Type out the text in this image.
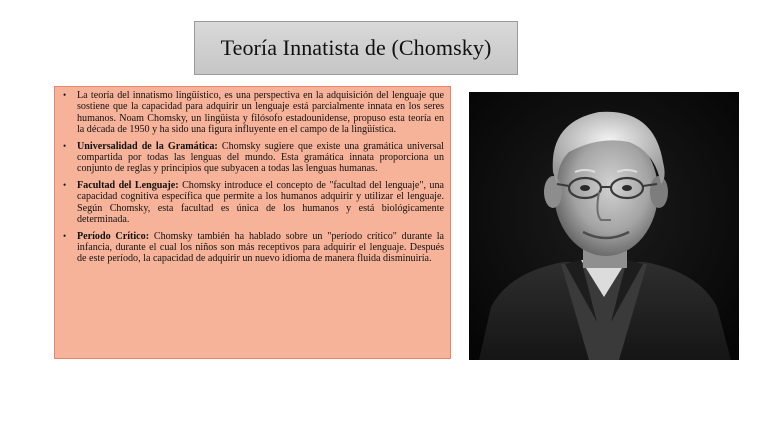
Teoría Innatista de (Chomsky)
• La teoría del innatismo lingüístico, es una perspectiva en la adquisición del lenguaje que sostiene que la capacidad para adquirir un lenguaje está parcialmente innata en los seres humanos. Noam Chomsky, un lingüista y filósofo estadounidense, propuso esta teoría en la década de 1950 y ha sido una figura influyente en el campo de la lingüística.
• Universalidad de la Gramática: Chomsky sugiere que existe una gramática universal compartida por todas las lenguas del mundo. Esta gramática innata proporciona un conjunto de reglas y principios que subyacen a todas las lenguas humanas.
• Facultad del Lenguaje: Chomsky introduce el concepto de "facultad del lenguaje", una capacidad cognitiva específica que permite a los humanos adquirir y utilizar el lenguaje. Según Chomsky, esta facultad es única de los humanos y está biológicamente determinada.
• Período Crítico: Chomsky también ha hablado sobre un "período crítico" durante la infancia, durante el cual los niños son más receptivos para adquirir el lenguaje. Después de este período, la capacidad de adquirir un nuevo idioma de manera fluida disminuiría.
